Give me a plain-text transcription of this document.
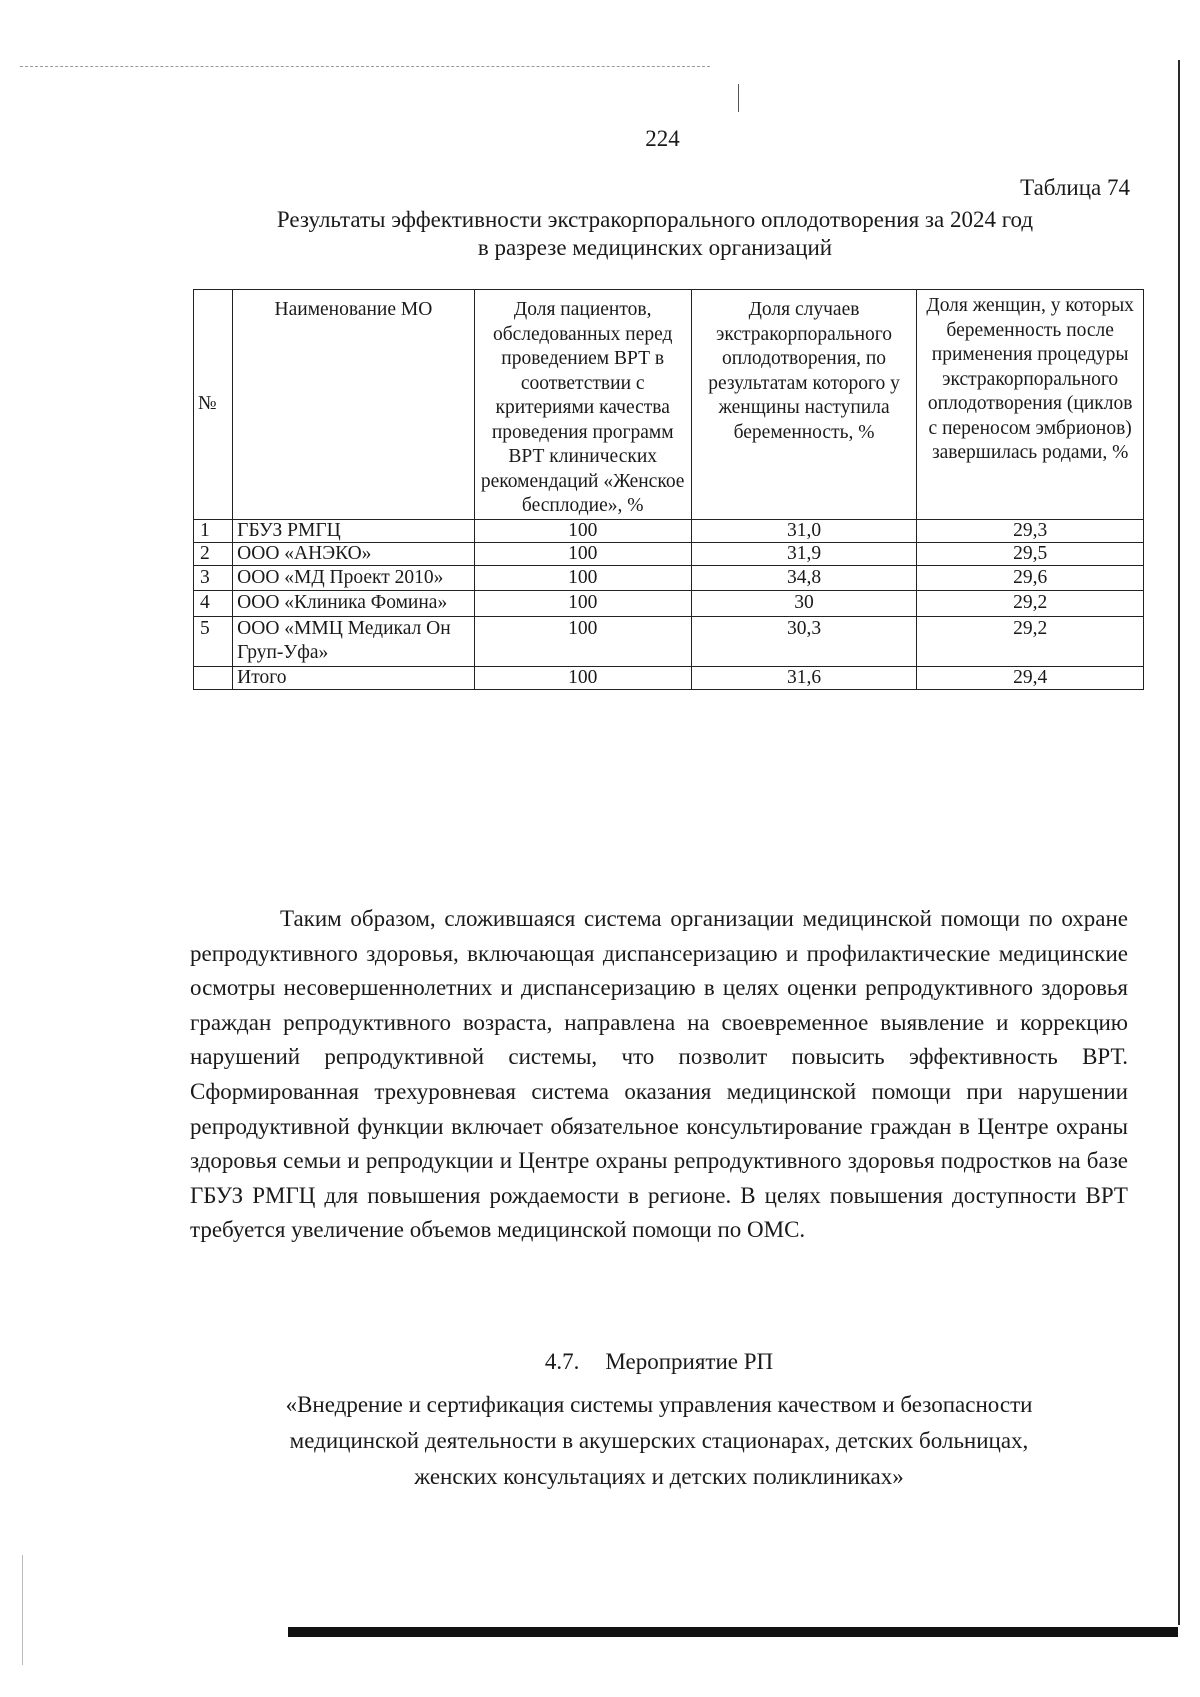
224
Таблица 74
Результаты эффективности экстракорпорального оплодотворения за 2024 год
в разрезе медицинских организаций
№	Наименование МО	Доля пациентов, обследованных перед проведением ВРТ в соответствии с критериями качества проведения программ ВРТ клинических рекомендаций «Женское бесплодие», %	Доля случаев экстракорпорального оплодотворения, по результатам которого у женщины наступила беременность, %	Доля женщин, у которых беременность после применения процедуры экстракорпорального оплодотворения (циклов с переносом эмбрионов) завершилась родами, %
1	ГБУЗ РМГЦ	100	31,0	29,3
2	ООО «АНЭКО»	100	31,9	29,5
3	ООО «МД Проект 2010»	100	34,8	29,6
4	ООО «Клиника Фомина»	100	30	29,2
5	ООО «ММЦ Медикал Он Груп-Уфа»	100	30,3	29,2
	Итого	100	31,6	29,4

Таким образом, сложившаяся система организации медицинской помощи по охране репродуктивного здоровья, включающая диспансеризацию и профилактические медицинские осмотры несовершеннолетних и диспансеризацию в целях оценки репродуктивного здоровья граждан репродуктивного возраста, направлена на своевременное выявление и коррекцию нарушений репродуктивной системы, что позволит повысить эффективность ВРТ. Сформированная трехуровневая система оказания медицинской помощи при нарушении репродуктивной функции включает обязательное консультирование граждан в Центре охраны здоровья семьи и репродукции и Центре охраны репродуктивного здоровья подростков на базе ГБУЗ РМГЦ для повышения рождаемости в регионе. В целях повышения доступности ВРТ требуется увеличение объемов медицинской помощи по ОМС.

4.7. Мероприятие РП
«Внедрение и сертификация системы управления качеством и безопасности
медицинской деятельности в акушерских стационарах, детских больницах,
женских консультациях и детских поликлиниках»
